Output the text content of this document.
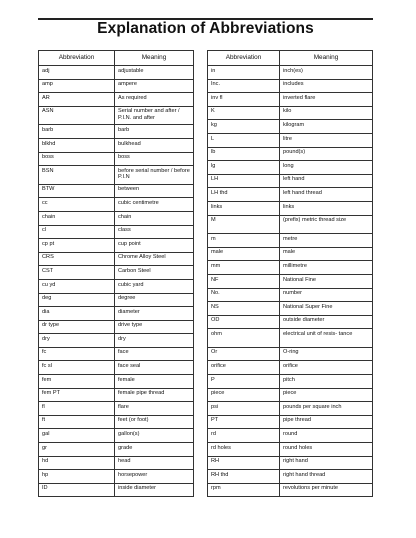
Explanation of Abbreviations
Abbreviation	Meaning
adj	adjustable
amp	ampere
AR	As required
ASN	Serial number and after / P.I.N. and after
barb	barb
blkhd	bulkhead
boss	boss
BSN	before serial number / before P.I.N
BTW	between
cc	cubic centimetre
chain	chain
cl	class
cp pt	cup point
CRS	Chrome Alloy Steel
CST	Carbon Steel
cu yd	cubic yard
deg	degree
dia	diameter
dr type	drive type
dry	dry
fc	face
fc sl	face seal
fem	female
fem PT	female pipe thread
fl	flare
ft	feet (or foot)
gal	gallon(s)
gr	grade
hd	head
hp	horsepower
ID	inside diameter
Abbreviation	Meaning
in	inch(es)
Inc.	includes
inv fl	inverted flare
K	kilo
kg	kilogram
L	litre
lb	pound(s)
lg	long
LH	left hand
LH thd	left hand thread
links	links
M	(prefix) metric thread size
m	metre
male	male
mm	millimetre
NF	National Fine
No.	number
NS	National Super Fine
OD	outside diameter
ohm	electrical unit of resis- tance
Or	O-ring
orifice	orifice
P	pitch
piece	piece
psi	pounds per square inch
PT	pipe thread
rd	round
rd holes	round holes
RH	right hand
RH thd	right hand thread
rpm	revolutions per minute
